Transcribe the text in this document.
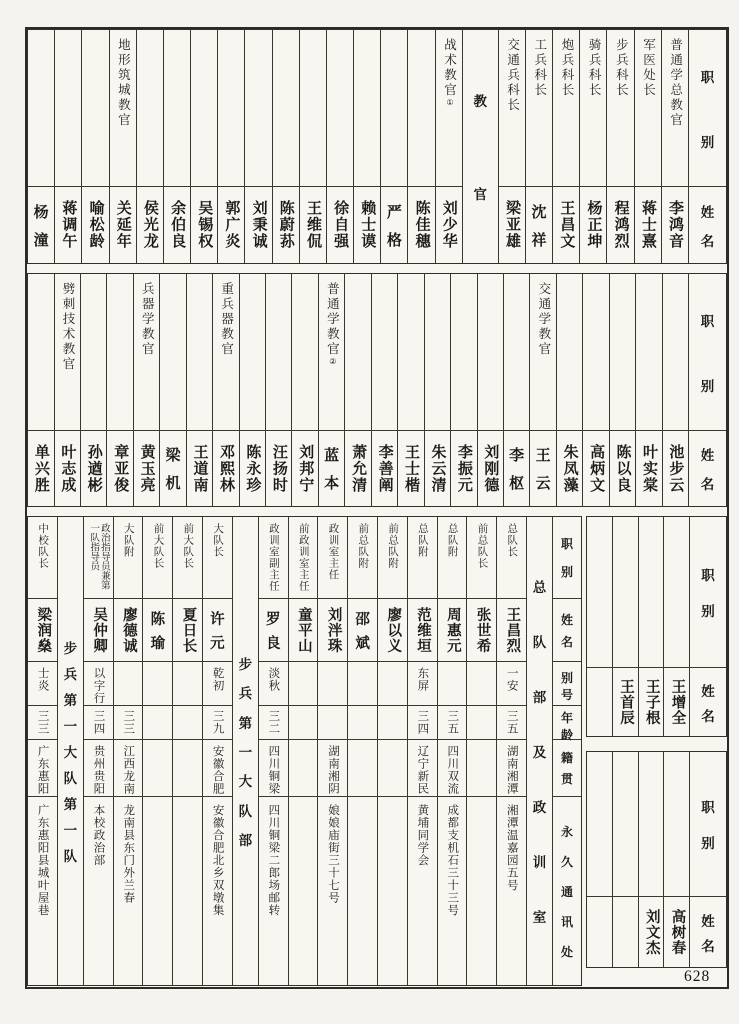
职
别
姓
名
普通学总教官
李鸿音
军医处长
蒋士熹
步兵科长
程鸿烈
骑兵科长
杨正坤
炮兵科长
王昌文
工兵科长
沈
祥
交通兵科长
梁亚雄
教
官
战术教官①
刘少华
陈佳穗
严
格
赖士谟
徐自强
王维侃
陈蔚荪
刘秉诚
郭广炎
吴锡权
余伯良
侯光龙
地形筑城教官
关延年
喻松龄
蒋调午
杨
潼
职
别
姓
名
池步云
叶实棠
陈以良
高炳文
朱凤藻
交通学教官
王
云
李
枢
刘刚德
李振元
朱云清
王士楷
李善阐
萧允清
普通学教官②
蓝
本
刘邦宁
汪扬时
陈永珍
重兵器教官
邓熙林
王道南
梁
机
兵器学教官
黄玉亮
章亚俊
孙遒彬
劈刺技术教官
叶志成
单兴胜
职
别
姓
名
别
号
年
龄
籍
贯
永
久
通
讯
处
总
队
部
及
政
训
室
总队长
王昌烈
一安
三五
湖南湘潭
湘潭温嘉园五号
前总队长
张世希
总队附
周惠元
三五
四川双流
成都支机石三十三号
总队附
范维垣
东屏
三四
辽宁新民
黄埔同学会
前总队附
廖以义
前总队附
邵
斌
政训室主任
刘泮珠
湖南湘阴
娘娘庙街三十七号
前政训室主任
童平山
政训室副主任
罗
良
淡秋
三二
四川铜梁
四川铜梁二郎场邮转
步
兵
第
一
大
队
部
大队长
许
元
乾初
三九
安徽合肥
安徽合肥北乡双墩集
前大队长
夏日长
前大队长
陈
瑜
大队附
廖德诚
三三
江西龙南
龙南县东门外兰春
政治指导员兼第一队指导员
吴仲卿
以字行
三四
贵州贵阳
本校政治部
步
兵
第
一
大
队
第
一
队
中校队长
梁润燊
士炎
三三
广东惠阳
广东惠阳县城叶屋巷
职
别
姓
名
王增全
王子根
王首辰
职
别
姓
名
高树春
刘文杰
628
